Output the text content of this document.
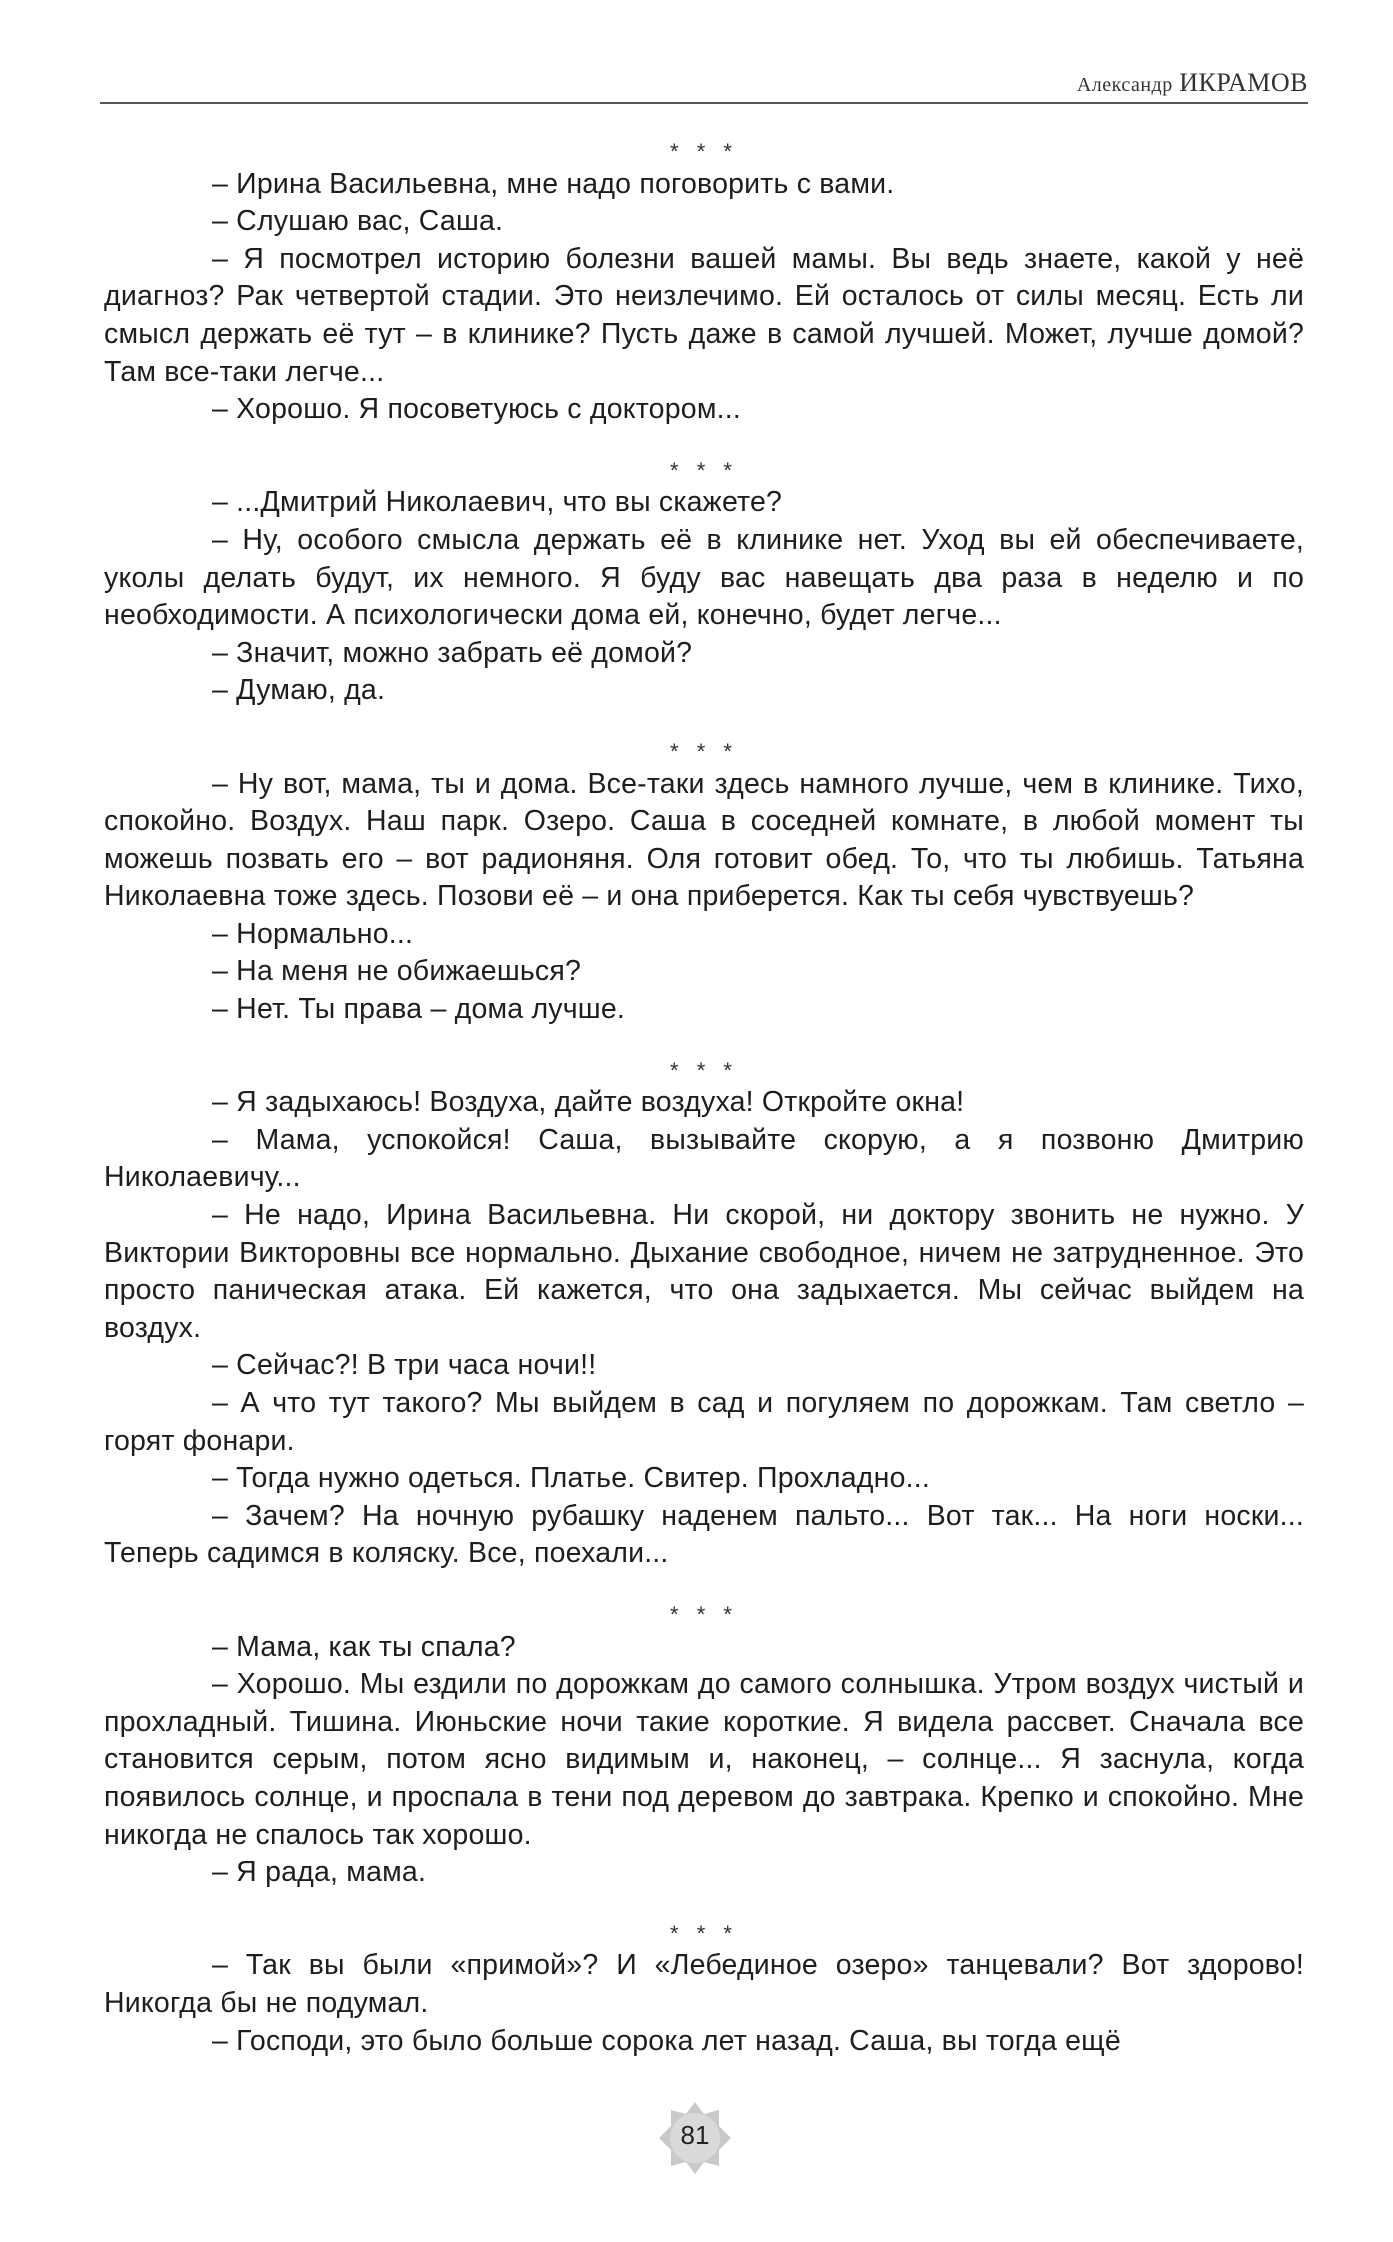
Александр ИКРАМОВ

* * *

– Ирина Васильевна, мне надо поговорить с вами.

– Слушаю вас, Саша.

– Я посмотрел историю болезни вашей мамы. Вы ведь знаете, какой у неё диагноз? Рак четвертой стадии. Это неизлечимо. Ей осталось от силы месяц. Есть ли смысл держать её тут – в клинике? Пусть даже в самой лучшей. Может, лучше домой? Там все-таки легче...

– Хорошо. Я посоветуюсь с доктором...

* * *

– ...Дмитрий Николаевич, что вы скажете?

– Ну, особого смысла держать её в клинике нет. Уход вы ей обеспечиваете, уколы делать будут, их немного. Я буду вас навещать два раза в неделю и по необходимости. А психологически дома ей, конечно, будет легче...

– Значит, можно забрать её домой?

– Думаю, да.

* * *

– Ну вот, мама, ты и дома. Все-таки здесь намного лучше, чем в клинике. Тихо, спокойно. Воздух. Наш парк. Озеро. Саша в соседней комнате, в любой момент ты можешь позвать его – вот радионяня. Оля готовит обед. То, что ты любишь. Татьяна Николаевна тоже здесь. Позови её – и она приберется. Как ты себя чувствуешь?

– Нормально...

– На меня не обижаешься?

– Нет. Ты права – дома лучше.

* * *

– Я задыхаюсь! Воздуха, дайте воздуха! Откройте окна!

– Мама, успокойся! Саша, вызывайте скорую, а я позвоню Дмитрию Николаевичу...

– Не надо, Ирина Васильевна. Ни скорой, ни доктору звонить не нужно. У Виктории Викторовны все нормально. Дыхание свободное, ничем не затрудненное. Это просто паническая атака. Ей кажется, что она задыхается. Мы сейчас выйдем на воздух.

– Сейчас?! В три часа ночи!!

– А что тут такого? Мы выйдем в сад и погуляем по дорожкам. Там светло – горят фонари.

– Тогда нужно одеться. Платье. Свитер. Прохладно...

– Зачем? На ночную рубашку наденем пальто... Вот так... На ноги носки... Теперь садимся в коляску. Все, поехали...

* * *

– Мама, как ты спала?

– Хорошо. Мы ездили по дорожкам до самого солнышка. Утром воздух чистый и прохладный. Тишина. Июньские ночи такие короткие. Я видела рассвет. Сначала все становится серым, потом ясно видимым и, наконец, – солнце... Я заснула, когда появилось солнце, и проспала в тени под деревом до завтрака. Крепко и спокойно. Мне никогда не спалось так хорошо.

– Я рада, мама.

* * *

– Так вы были «примой»? И «Лебединое озеро» танцевали? Вот здорово! Никогда бы не подумал.

– Господи, это было больше сорока лет назад. Саша, вы тогда ещё

81
